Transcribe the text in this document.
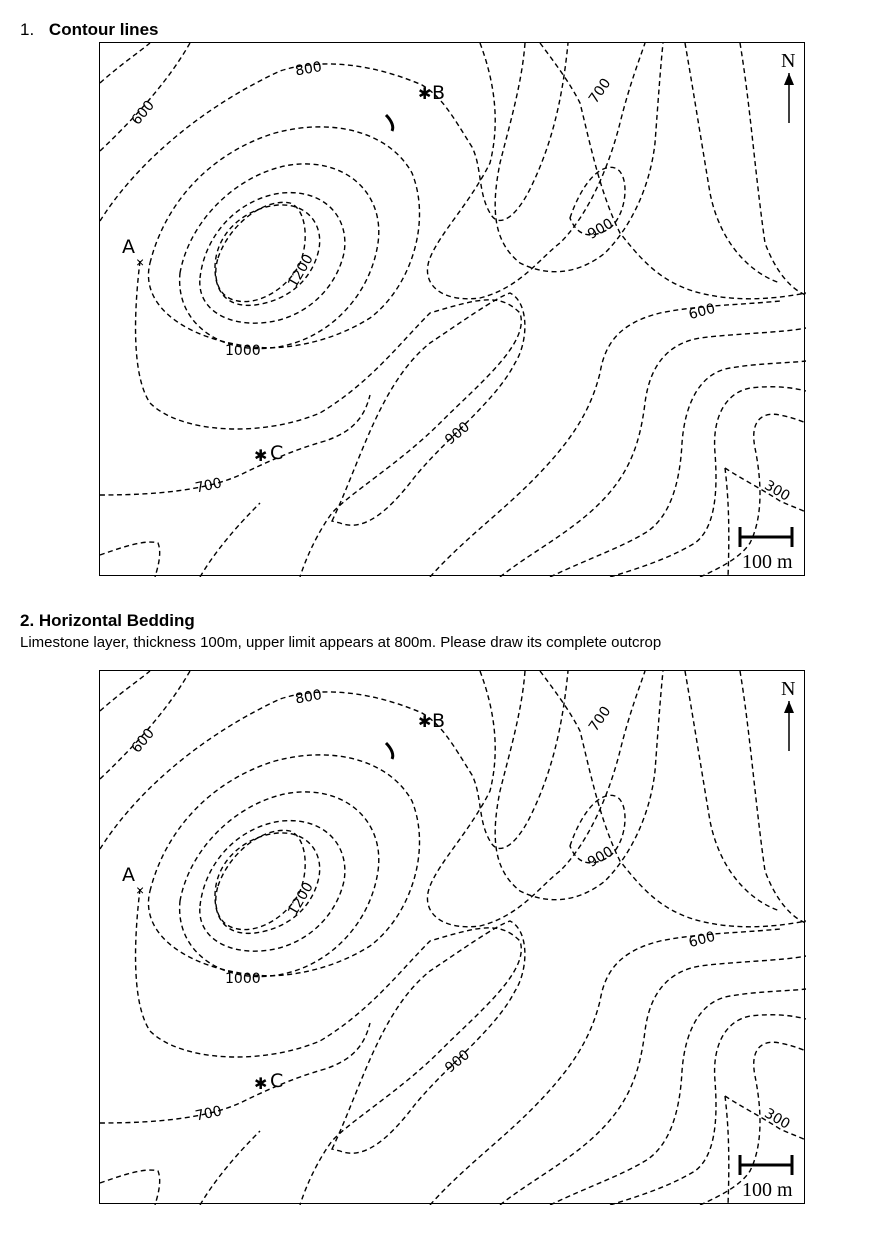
1. Contour lines
600
800
700
900
1200
1000
600
900
700	300
A
×
B
✱
C
✱
N
100 m
2. Horizontal Bedding
Limestone layer, thickness 100m, upper limit appears at 800m. Please draw its complete outcrop
600
800
700
900
1200
1000
600
900
700	300
A
×
B
✱
C
✱
N
100 m
